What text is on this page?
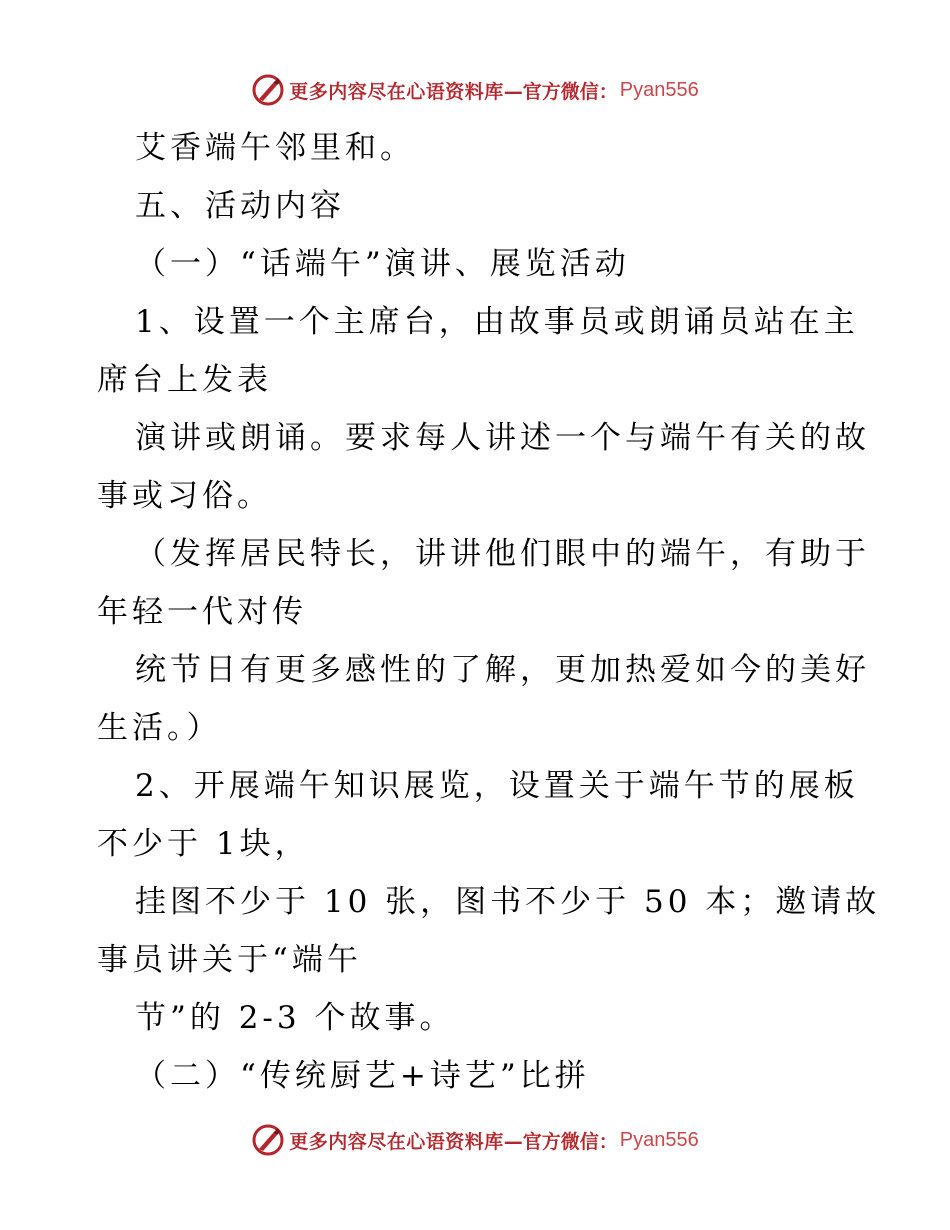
更多内容尽在心语资料库 —官方微信： Pyan556
艾香端午邻里和。
五、活动内容
（一）“话端午”演讲、展览活动
1、设置一个主席台，由故事员或朗诵员站在主
席台上发表
演讲或朗诵。要求每人讲述一个与端午有关的故
事或习俗。
（发挥居民特长，讲讲他们眼中的端午，有助于
年轻一代对传
统节日有更多感性的了解，更加热爱如今的美好
生活。）
2、开展端午知识展览，设置关于端午节的展板
不少于 1块，
挂图不少于 10 张，图书不少于 50 本；邀请故
事员讲关于“端午
节”的 2-3 个故事。
（二）“传统厨艺+诗艺”比拼
更多内容尽在心语资料库 —官方微信： Pyan556
